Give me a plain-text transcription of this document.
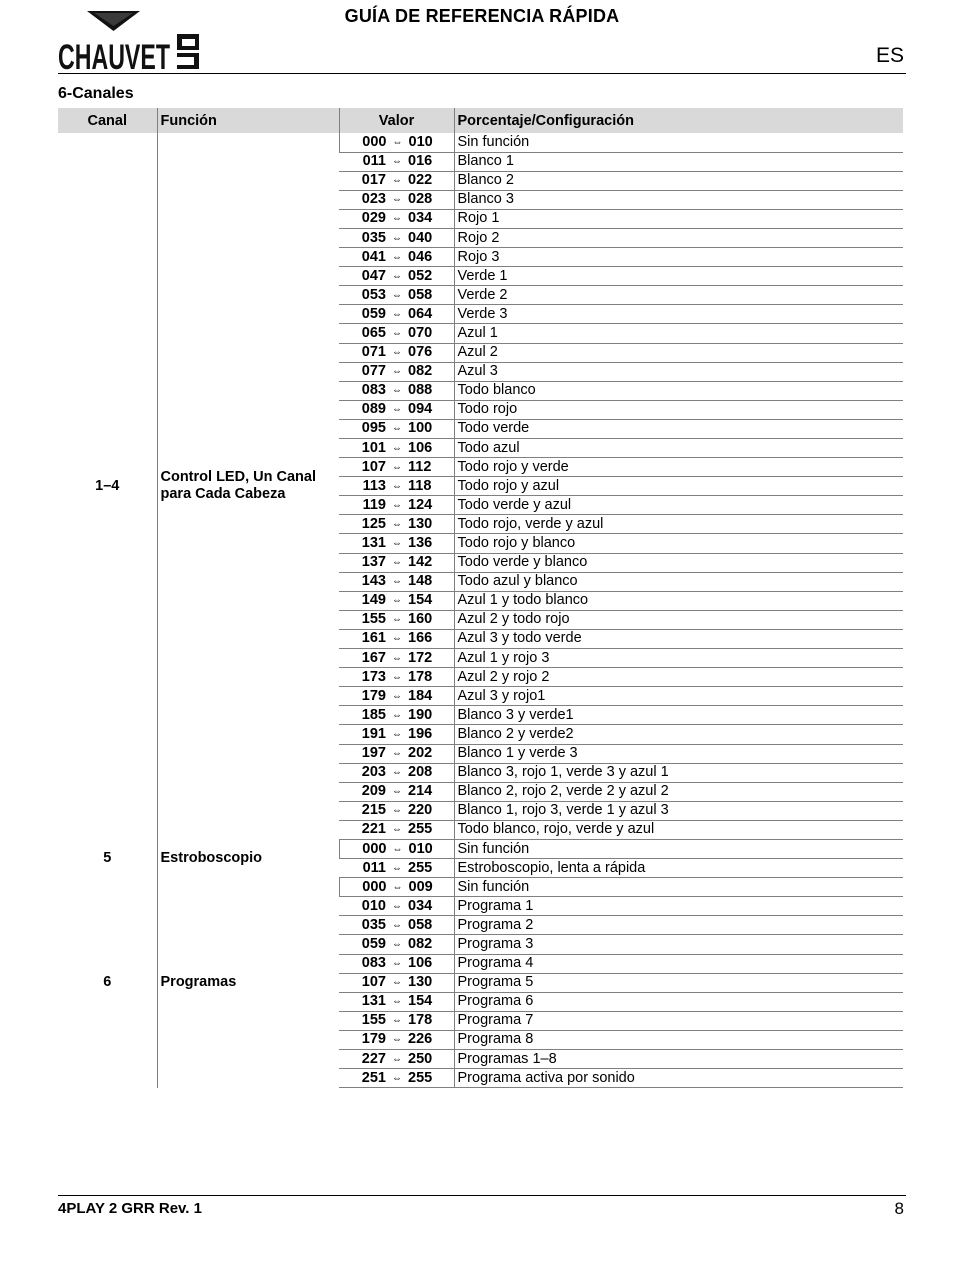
CHAUVET
GUÍA DE REFERENCIA RÁPIDA
ES
6-Canales
Canal	Función	Valor	Porcentaje/Configuración
1–4	Control LED, Un Canal para Cada Cabeza	000 ⇔ 010	Sin función
		011 ⇔ 016	Blanco 1
		017 ⇔ 022	Blanco 2
		023 ⇔ 028	Blanco 3
		029 ⇔ 034	Rojo 1
		035 ⇔ 040	Rojo 2
		041 ⇔ 046	Rojo 3
		047 ⇔ 052	Verde 1
		053 ⇔ 058	Verde 2
		059 ⇔ 064	Verde 3
		065 ⇔ 070	Azul 1
		071 ⇔ 076	Azul 2
		077 ⇔ 082	Azul 3
		083 ⇔ 088	Todo blanco
		089 ⇔ 094	Todo rojo
		095 ⇔ 100	Todo verde
		101 ⇔ 106	Todo azul
		107 ⇔ 112	Todo rojo y verde
		113 ⇔ 118	Todo rojo y azul
		119 ⇔ 124	Todo verde y azul
		125 ⇔ 130	Todo rojo, verde y azul
		131 ⇔ 136	Todo rojo y blanco
		137 ⇔ 142	Todo verde y blanco
		143 ⇔ 148	Todo azul y blanco
		149 ⇔ 154	Azul 1 y todo blanco
		155 ⇔ 160	Azul 2 y todo rojo
		161 ⇔ 166	Azul 3 y todo verde
		167 ⇔ 172	Azul 1 y rojo 3
		173 ⇔ 178	Azul 2 y rojo 2
		179 ⇔ 184	Azul 3 y rojo1
		185 ⇔ 190	Blanco 3 y verde1
		191 ⇔ 196	Blanco 2 y verde2
		197 ⇔ 202	Blanco 1 y verde 3
		203 ⇔ 208	Blanco 3, rojo 1, verde 3 y azul 1
		209 ⇔ 214	Blanco 2, rojo 2, verde 2 y azul 2
		215 ⇔ 220	Blanco 1, rojo 3, verde 1 y azul 3
		221 ⇔ 255	Todo blanco, rojo, verde y azul
5	Estroboscopio	000 ⇔ 010	Sin función
		011 ⇔ 255	Estroboscopio, lenta a rápida
6	Programas	000 ⇔ 009	Sin función
		010 ⇔ 034	Programa 1
		035 ⇔ 058	Programa 2
		059 ⇔ 082	Programa 3
		083 ⇔ 106	Programa 4
		107 ⇔ 130	Programa 5
		131 ⇔ 154	Programa 6
		155 ⇔ 178	Programa 7
		179 ⇔ 226	Programa 8
		227 ⇔ 250	Programas 1–8
		251 ⇔ 255	Programa activa por sonido
4PLAY 2 GRR Rev. 1	8
